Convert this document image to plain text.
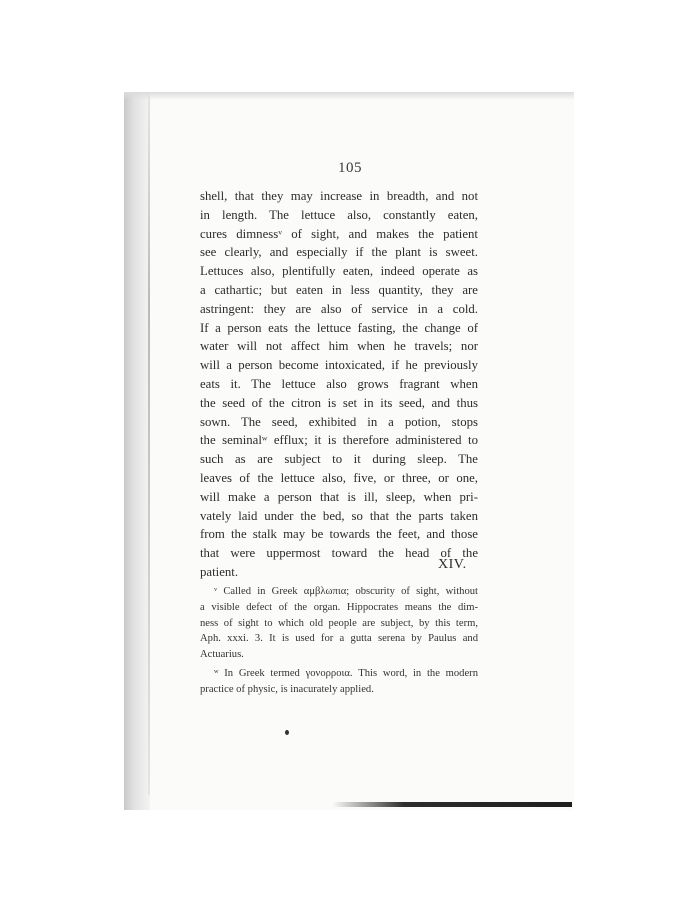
105
shell, that they may increase in breadth, and not
in length. The lettuce also, constantly eaten,
cures dimnessᵛ of sight, and makes the patient
see clearly, and especially if the plant is sweet.
Lettuces also, plentifully eaten, indeed operate as
a cathartic; but eaten in less quantity, they are
astringent: they are also of service in a cold.
If a person eats the lettuce fasting, the change of
water will not affect him when he travels; nor
will a person become intoxicated, if he previously
eats it. The lettuce also grows fragrant when
the seed of the citron is set in its seed, and thus
sown. The seed, exhibited in a potion, stops
the seminalʷ efflux; it is therefore administered to
such as are subject to it during sleep. The
leaves of the lettuce also, five, or three, or one,
will make a person that is ill, sleep, when pri-
vately laid under the bed, so that the parts taken
from the stalk may be towards the feet, and those
that were uppermost toward the head of the
patient.	XIV.
ᵛ Called in Greek αμβλωπια; obscurity of sight, without
a visible defect of the organ. Hippocrates means the dim-
ness of sight to which old people are subject, by this term,
Aph. xxxi. 3. It is used for a gutta serena by Paulus and
Actuarius.
ʷ In Greek termed γονορροια. This word, in the modern
practice of physic, is inacurately applied.
